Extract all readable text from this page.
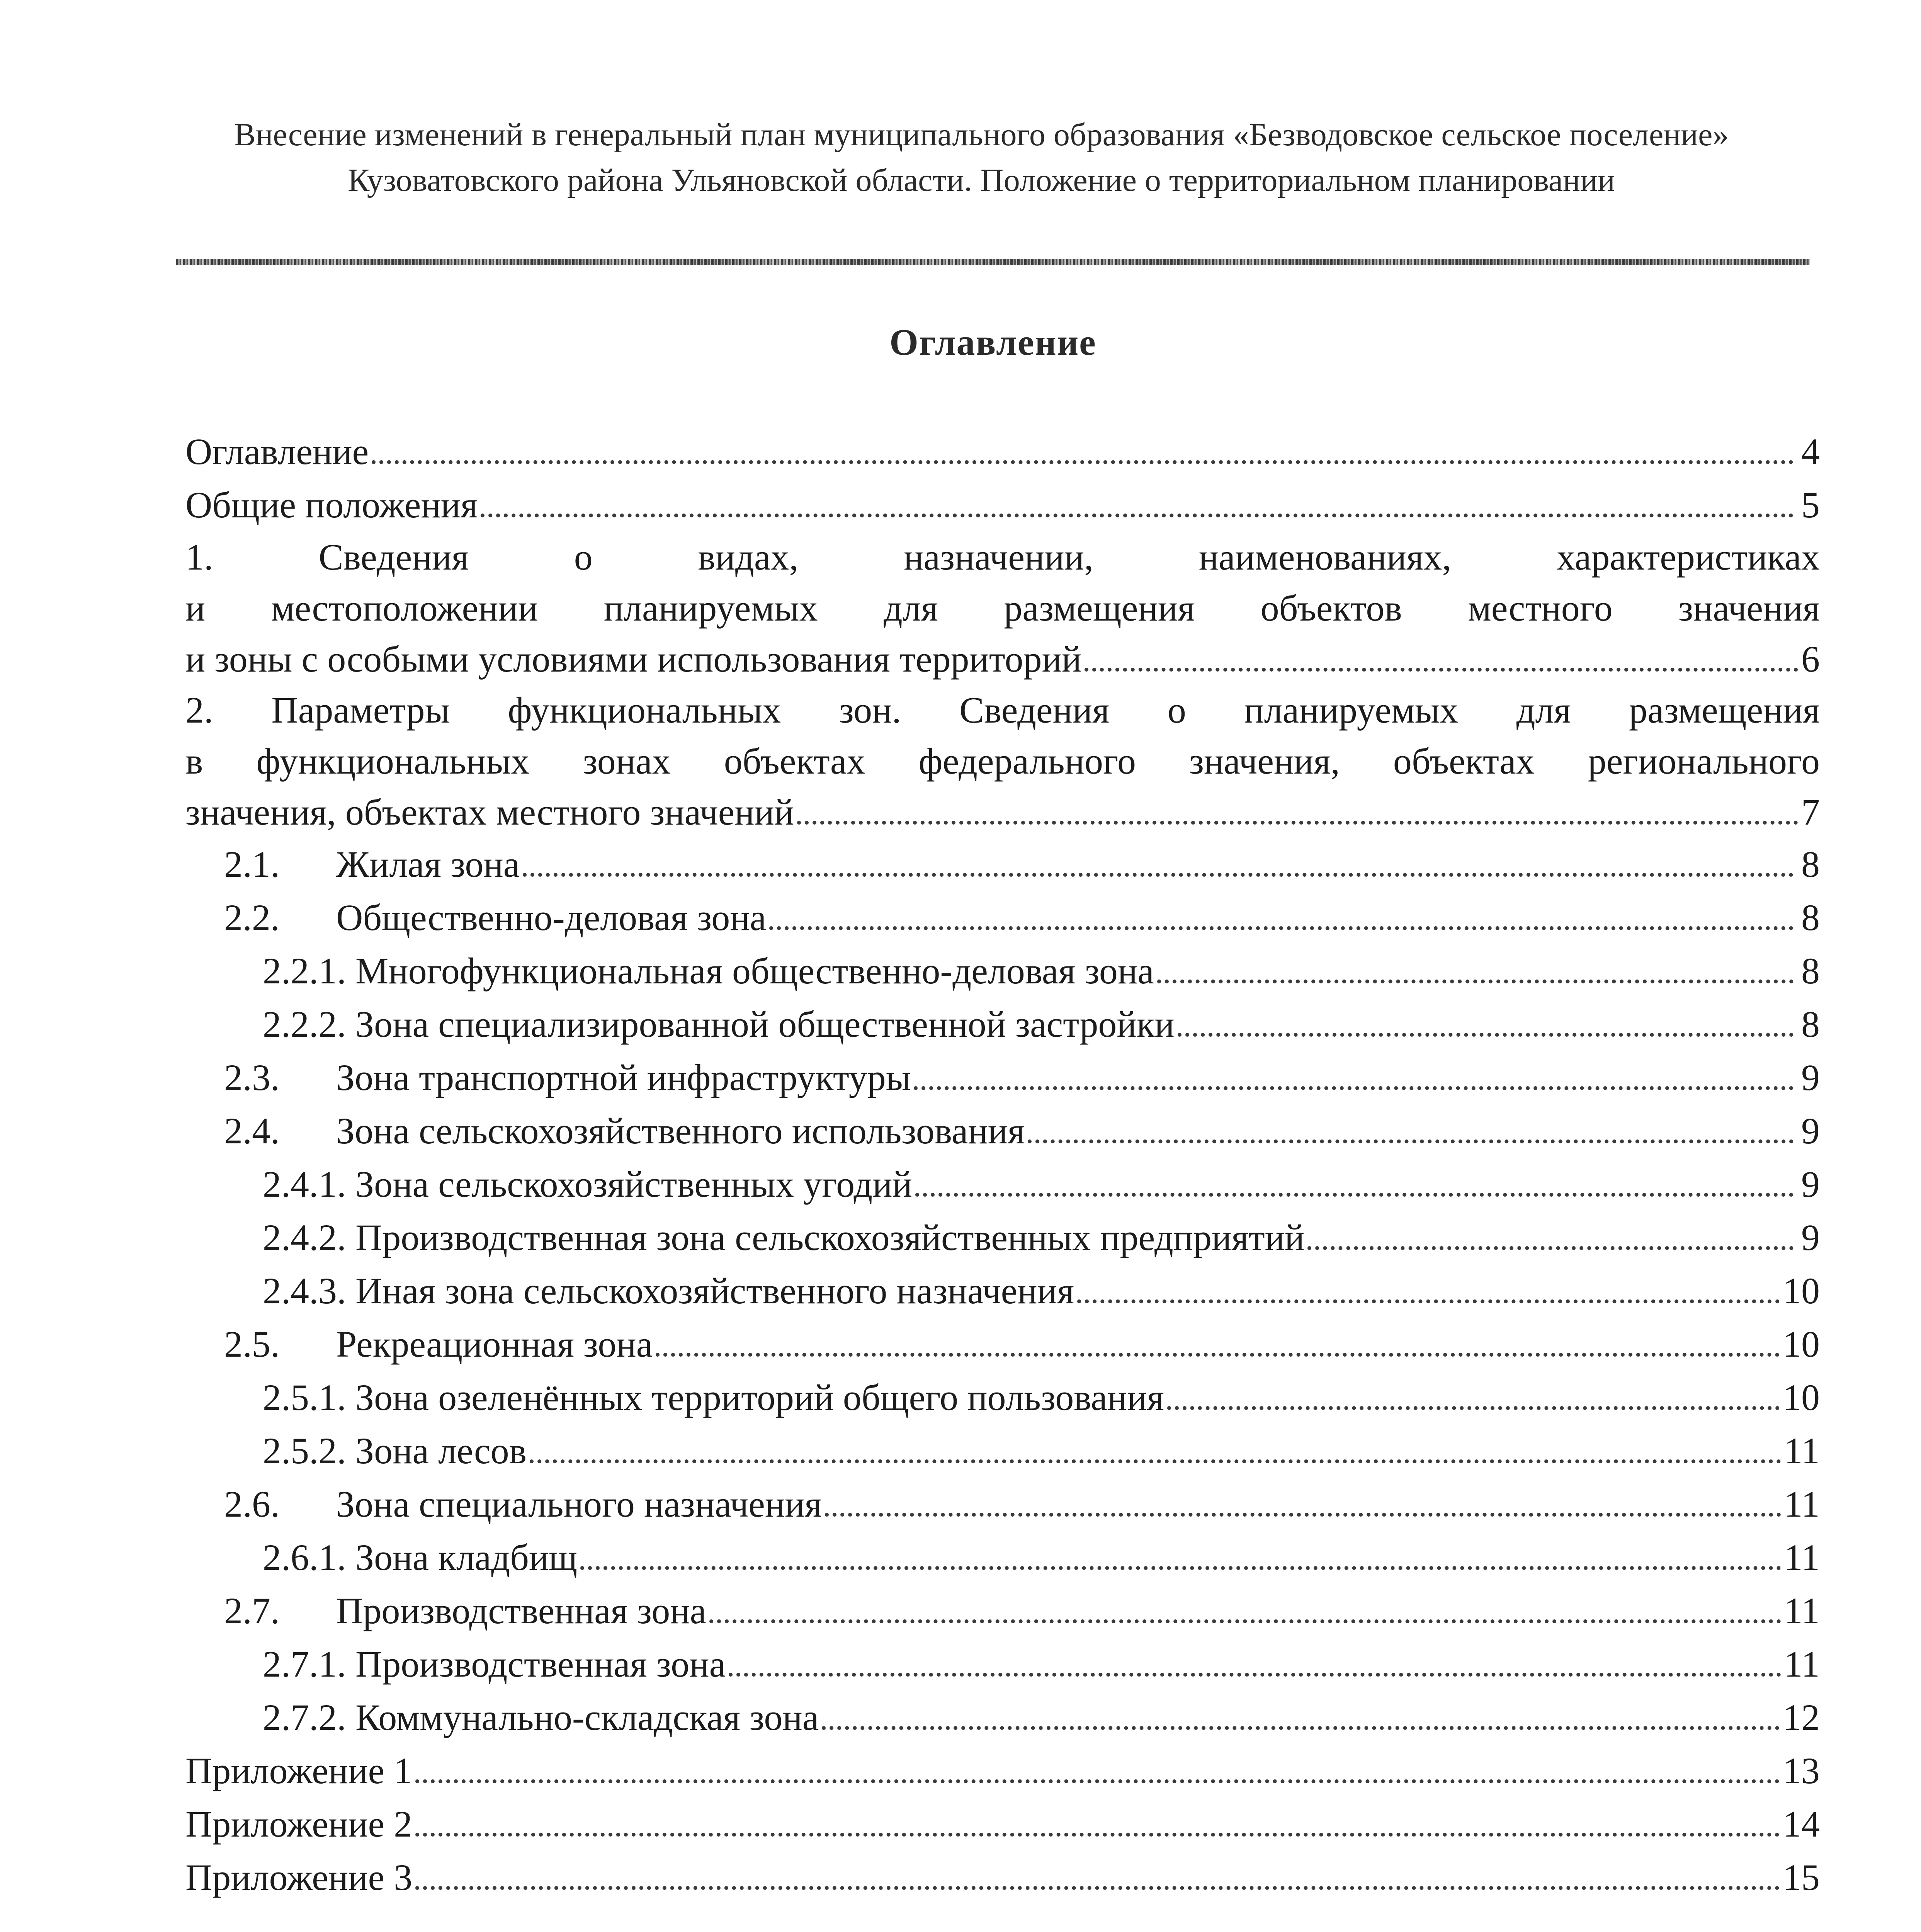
Внесение изменений в генеральный план муниципального образования «Безводовское сельское поселение» Кузоватовского района Ульяновской области. Положение о территориальном планировании
Оглавление
Оглавление	4
Общие положения	5
1. Сведения о видах, назначении, наименованиях, характеристиках
и местоположении планируемых для размещения объектов местного значения
и зоны с особыми условиями использования территорий	6
2. Параметры функциональных зон. Сведения о планируемых для размещения
в функциональных зонах объектах федерального значения, объектах регионального
значения, объектах местного значений	7
2.1.	Жилая зона	8
2.2.	Общественно-деловая зона	8
2.2.1. Многофункциональная общественно-деловая зона	8
2.2.2. Зона специализированной общественной застройки	8
2.3.	Зона транспортной инфраструктуры	9
2.4.	Зона сельскохозяйственного использования	9
2.4.1. Зона сельскохозяйственных угодий	9
2.4.2. Производственная зона сельскохозяйственных предприятий	9
2.4.3. Иная зона сельскохозяйственного назначения	10
2.5.	Рекреационная зона	10
2.5.1. Зона озеленённых территорий общего пользования	10
2.5.2. Зона лесов	11
2.6.	Зона специального назначения	11
2.6.1. Зона кладбищ	11
2.7.	Производственная зона	11
2.7.1. Производственная зона	11
2.7.2. Коммунально-складская зона	12
Приложение 1	13
Приложение 2	14
Приложение 3	15
